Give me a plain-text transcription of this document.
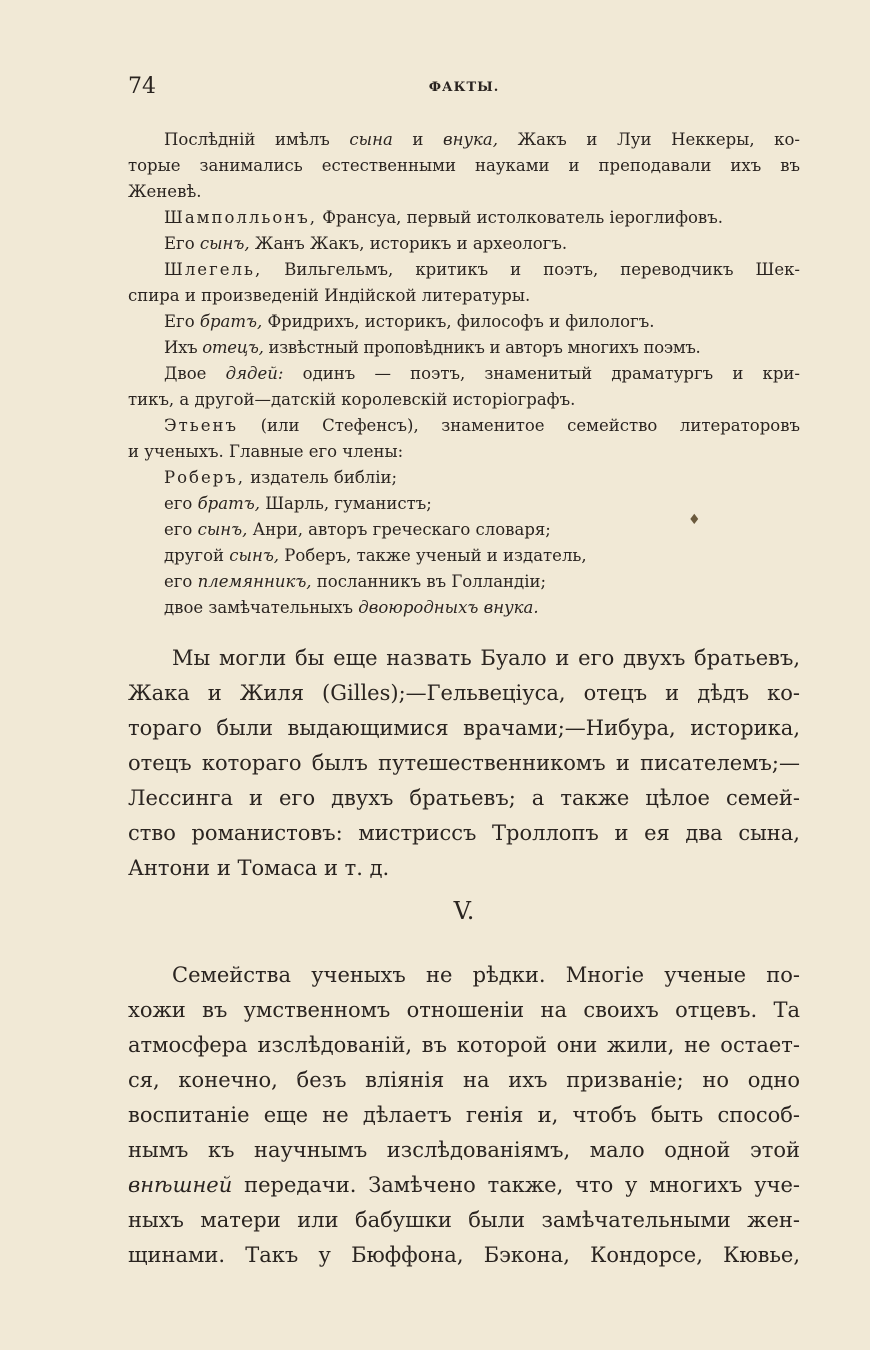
74	ФАКТЫ.
Послѣдній имѣлъ сына и внука, Жакъ и Луи Неккеры, ко-
торые занимались естественными науками и преподавали ихъ въ
Женевѣ.
Шамполльонъ, Франсуа, первый истолкователь іероглифовъ.
Его сынъ, Жанъ Жакъ, историкъ и археологъ.
Шлегель, Вильгельмъ, критикъ и поэтъ, переводчикъ Шек-
спира и произведеній Индійской литературы.
Его братъ, Фридрихъ, историкъ, философъ и филологъ.
Ихъ отецъ, извѣстный проповѣдникъ и авторъ многихъ поэмъ.
Двое дядей: одинъ — поэтъ, знаменитый драматургъ и кри-
тикъ, а другой—датскій королевскій исторіографъ.
Этьенъ (или Стефенсъ), знаменитое семейство литераторовъ
и ученыхъ. Главные его члены:
Роберъ, издатель библіи;
его братъ, Шарль, гуманистъ;
его сынъ, Анри, авторъ греческаго словаря;
другой сынъ, Роберъ, также ученый и издатель,
его племянникъ, посланникъ въ Голландіи;
двое замѣчательныхъ двоюродныхъ внука.
♦
Мы могли бы еще назвать Буало и его двухъ братьевъ,
Жака и Жиля (Gilles);—Гельвеціуса, отецъ и дѣдъ ко-
тораго были выдающимися врачами;—Нибура, историка,
отецъ котораго былъ путешественникомъ и писателемъ;—
Лессинга и его двухъ братьевъ; а также цѣлое семей-
ство романистовъ: мистриссъ Троллопъ и ея два сына,
Антони и Томаса и т. д.
V.
Семейства ученыхъ не рѣдки. Многіе ученые по-
хожи въ умственномъ отношеніи на своихъ отцевъ. Та
атмосфера изслѣдованій, въ которой они жили, не остает-
ся, конечно, безъ вліянія на ихъ призваніе; но одно
воспитаніе еще не дѣлаетъ генія и, чтобъ быть способ-
нымъ къ научнымъ изслѣдованіямъ, мало одной этой
внѣшней передачи. Замѣчено также, что у многихъ уче-
ныхъ матери или бабушки были замѣчательными жен-
щинами. Такъ у Бюффона, Бэкона, Кондорсе, Кювье,
